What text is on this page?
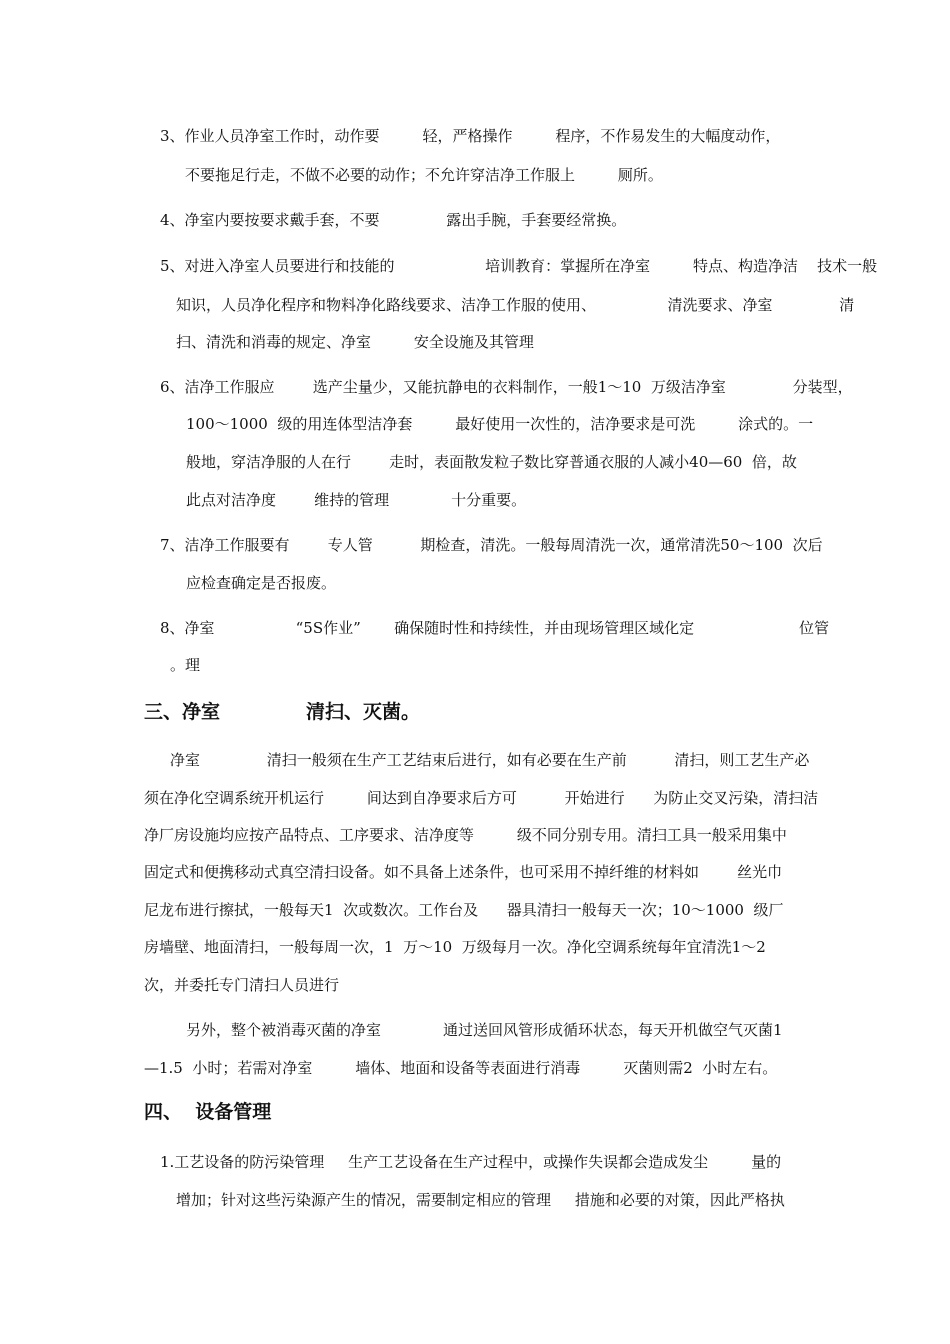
3、作业人员净室工作时，动作要         轻，严格操作         程序，不作易发生的大幅度动作，
不要拖足行走，不做不必要的动作；不允许穿洁净工作服上         厕所。
4、净室内要按要求戴手套，不要              露出手腕，手套要经常换。
5、对进入净室人员要进行和技能的                   培训教育：掌握所在净室         特点、构造净洁    技术一般
知识，人员净化程序和物料净化路线要求、洁净工作服的使用、               清洗要求、净室              清
扫、清洗和消毒的规定、净室         安全设施及其管理
6、洁净工作服应        选产尘量少，又能抗静电的衣料制作，一般1～10  万级洁净室              分装型，
100～1000  级的用连体型洁净套         最好使用一次性的，洁净要求是可洗         涂式的。一
般地，穿洁净服的人在行        走时，表面散发粒子数比穿普通衣服的人减小40—60  倍，故
此点对洁净度        维持的管理             十分重要。
7、洁净工作服要有        专人管          期检查，清洗。一般每周清洗一次，通常清洗50～100  次后
应检查确定是否报废。
8、净室                 “5S作业”       确保随时性和持续性，并由现场管理区域化定                      位管
。理
三、净室             清扫、灭菌。
净室              清扫一般须在生产工艺结束后进行，如有必要在生产前          清扫，则工艺生产必
须在净化空调系统开机运行         间达到自净要求后方可          开始进行      为防止交叉污染，清扫洁
净厂房设施均应按产品特点、工序要求、洁净度等         级不同分别专用。清扫工具一般采用集中
固定式和便携移动式真空清扫设备。如不具备上述条件，也可采用不掉纤维的材料如        丝光巾
尼龙布进行擦拭，一般每天1  次或数次。工作台及      器具清扫一般每天一次；10～1000  级厂
房墙壁、地面清扫，一般每周一次，1  万～10  万级每月一次。净化空调系统每年宜清洗1～2
次，并委托专门清扫人员进行
另外，整个被消毒灭菌的净室             通过送回风管形成循环状态，每天开机做空气灭菌1
—1.5  小时；若需对净室         墙体、地面和设备等表面进行消毒         灭菌则需2  小时左右。
四、  设备管理
1.工艺设备的防污染管理     生产工艺设备在生产过程中，或操作失误都会造成发尘         量的
增加；针对这些污染源产生的情况，需要制定相应的管理     措施和必要的对策，因此严格执
